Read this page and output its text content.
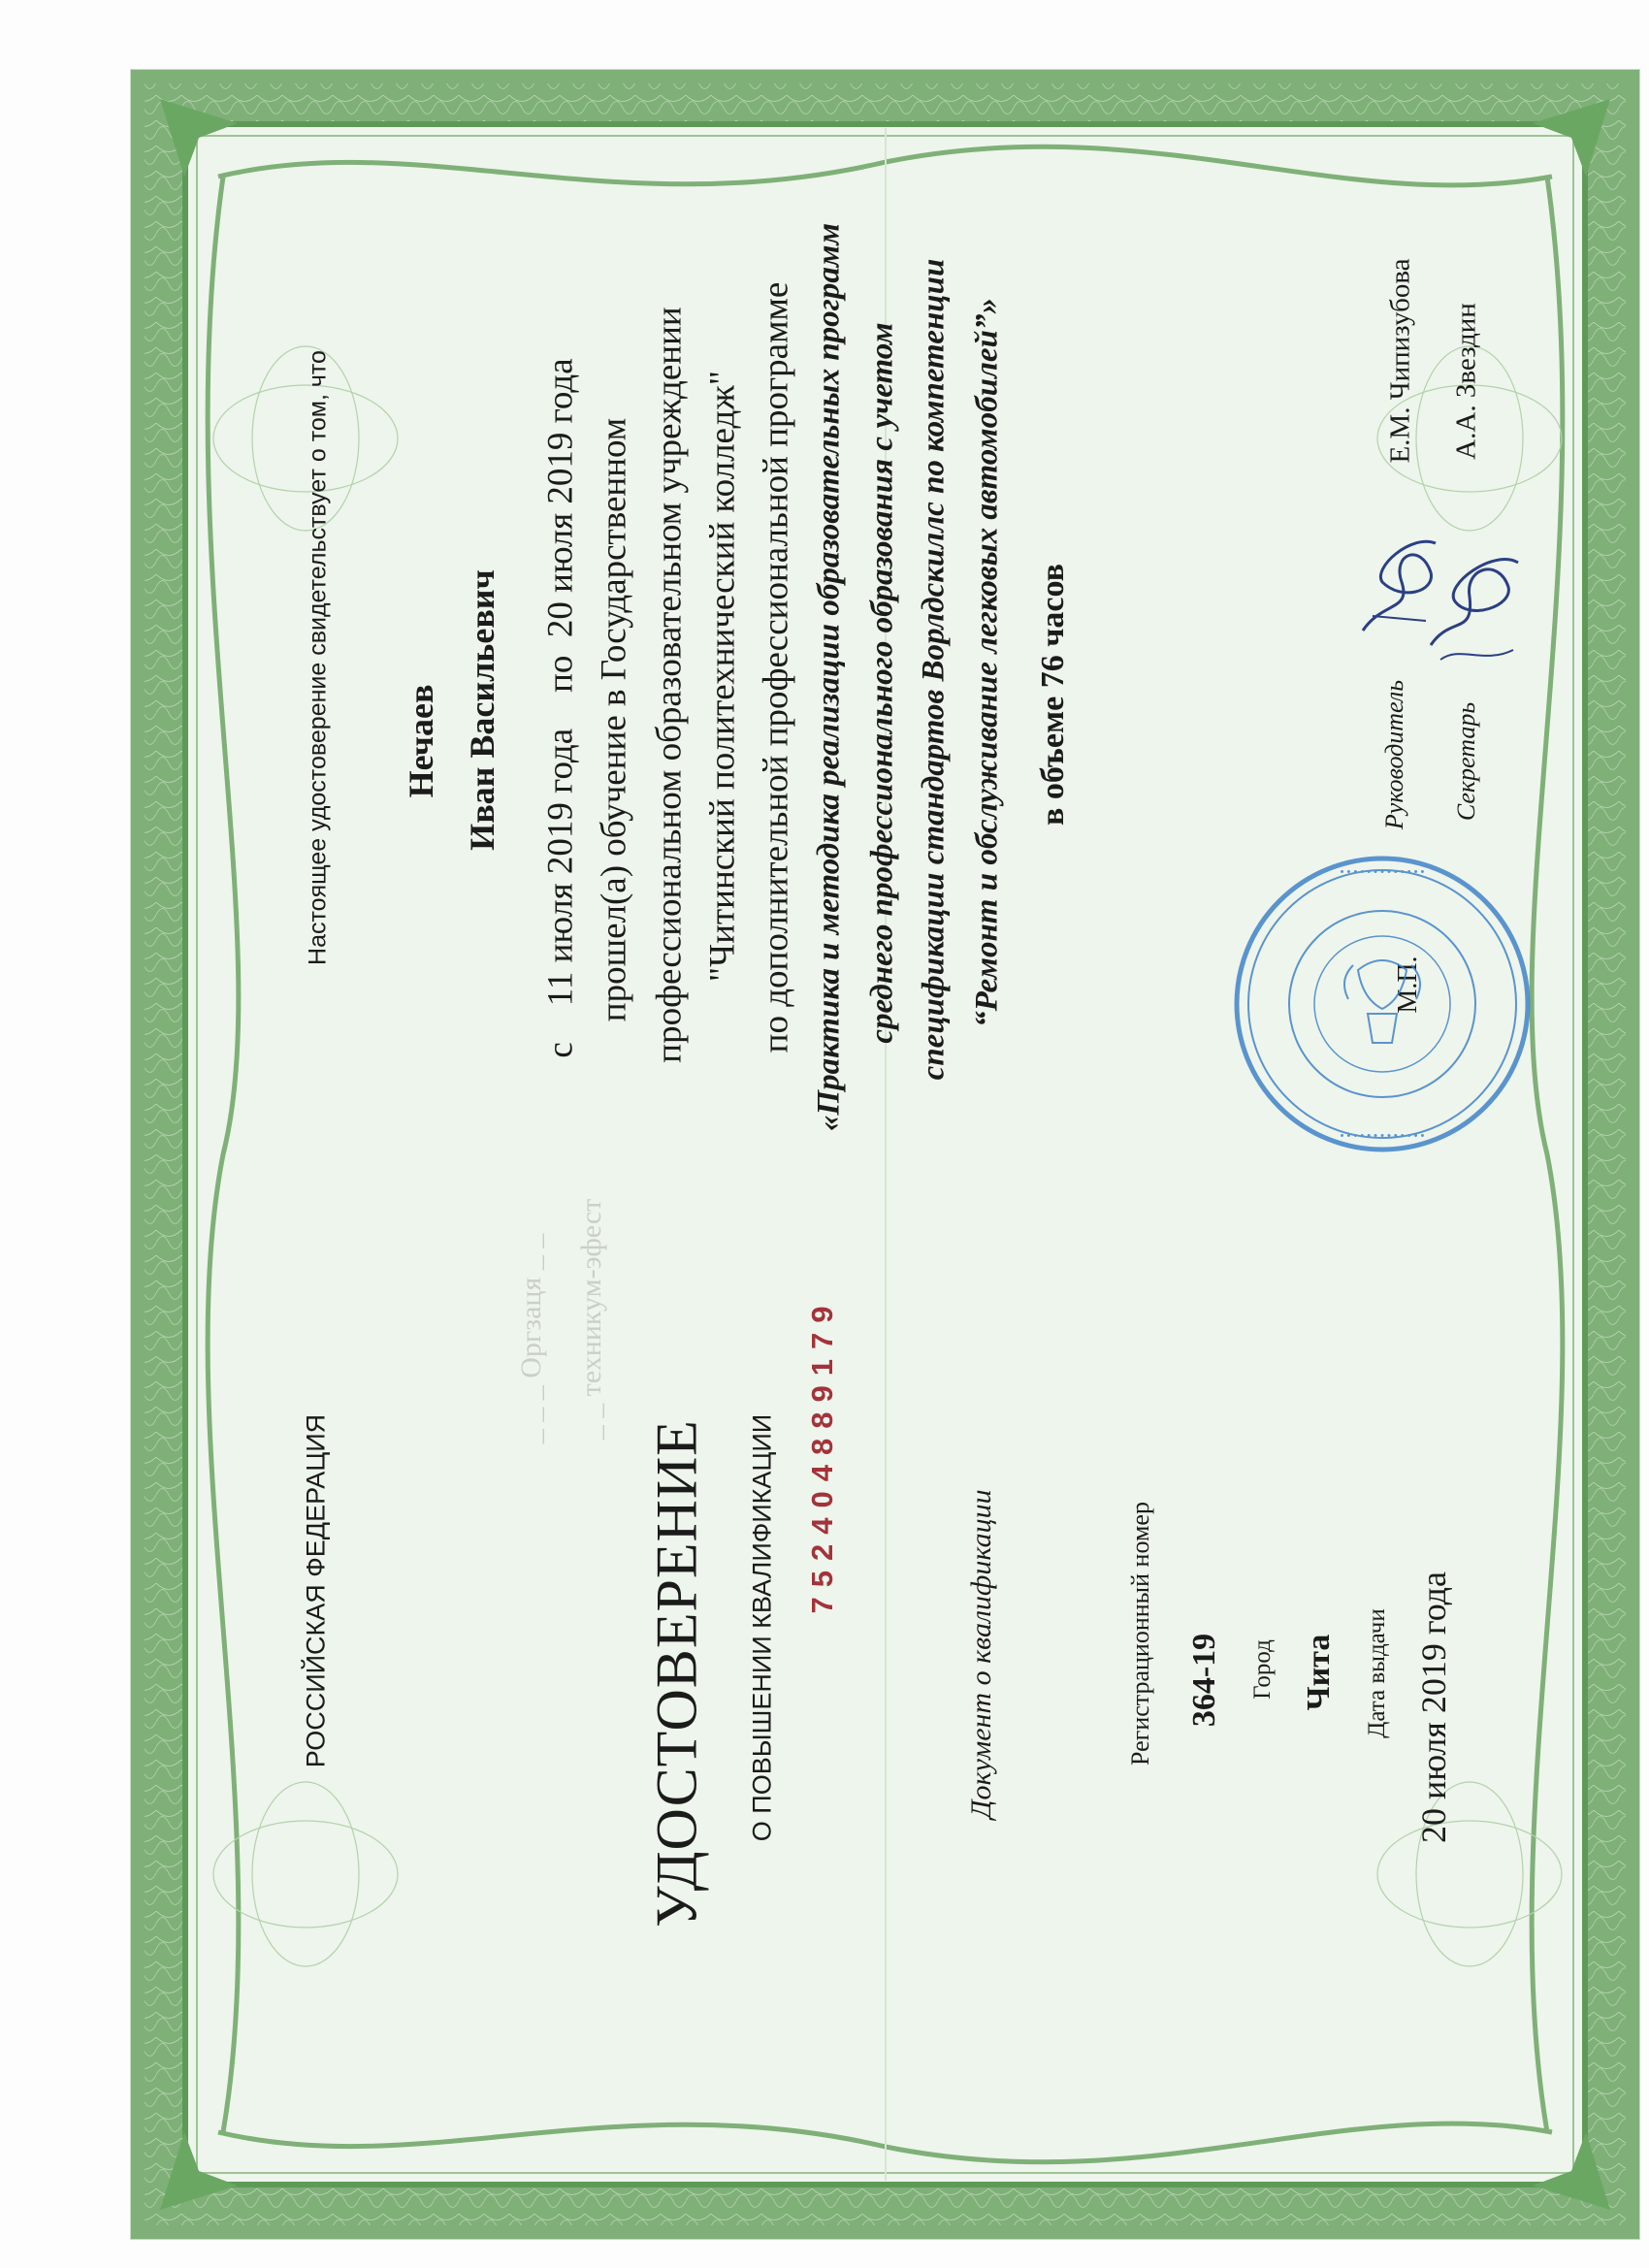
РОССИЙСКАЯ ФЕДЕРАЦИЯ
_ _ _ Оргзаця _ _ _ _ техникум-эфест
УДОСТОВЕРЕНИЕ О ПОВЫШЕНИИ КВАЛИФИКАЦИИ 752404889179
Документ о квалификации	Регистрационный номер 364-19 Город Чита Дата выдачи 20 июля 2019 года
Настоящее удостоверение свидетельствует о том, что Нечаев Иван Васильевич с    11 июля 2019 года    по  20 июля 2019 года прошел(а) обучение в Государственном профессиональном образовательном учреждении "Читинский политехнический колледж" по дополнительной профессиональной программе «Практика и методика реализации образовательных программ среднего профессионального образования с учетом спецификации стандартов Ворлдскиллс по компетенции “Ремонт и обслуживание легковых автомобилей”» в объеме 76 часов	Руководитель
Е.М. Чипизубова
Секретарь
А.А. Звездин
М.П.
• • • • • • • • • • • • •
• • • • • • • • • • • • •
